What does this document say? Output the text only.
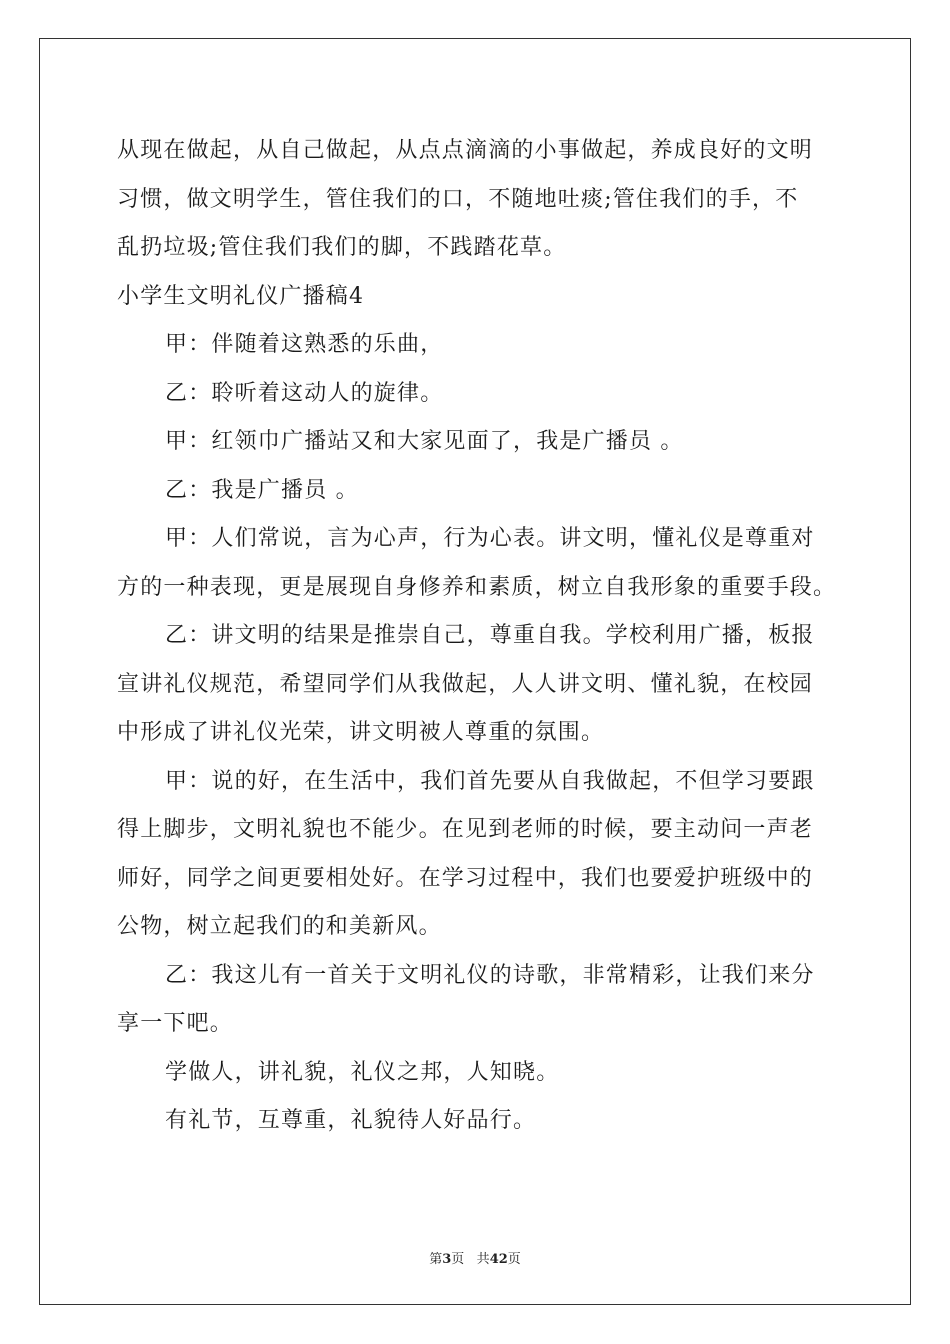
从现在做起，从自己做起，从点点滴滴的小事做起，养成良好的文明
习惯，做文明学生，管住我们的口，不随地吐痰;管住我们的手，不
乱扔垃圾;管住我们我们的脚，不践踏花草。
小学生文明礼仪广播稿4
甲：伴随着这熟悉的乐曲，
乙：聆听着这动人的旋律。
甲：红领巾广播站又和大家见面了，我是广播员 。
乙：我是广播员 。
甲：人们常说，言为心声，行为心表。讲文明，懂礼仪是尊重对
方的一种表现，更是展现自身修养和素质，树立自我形象的重要手段。
乙：讲文明的结果是推崇自己，尊重自我。学校利用广播，板报
宣讲礼仪规范，希望同学们从我做起，人人讲文明、懂礼貌，在校园
中形成了讲礼仪光荣，讲文明被人尊重的氛围。
甲：说的好，在生活中，我们首先要从自我做起，不但学习要跟
得上脚步，文明礼貌也不能少。在见到老师的时候，要主动问一声老
师好，同学之间更要相处好。在学习过程中，我们也要爱护班级中的
公物，树立起我们的和美新风。
乙：我这儿有一首关于文明礼仪的诗歌，非常精彩，让我们来分
享一下吧。
学做人，讲礼貌，礼仪之邦，人知晓。
有礼节，互尊重，礼貌待人好品行。
第3页 共42页
